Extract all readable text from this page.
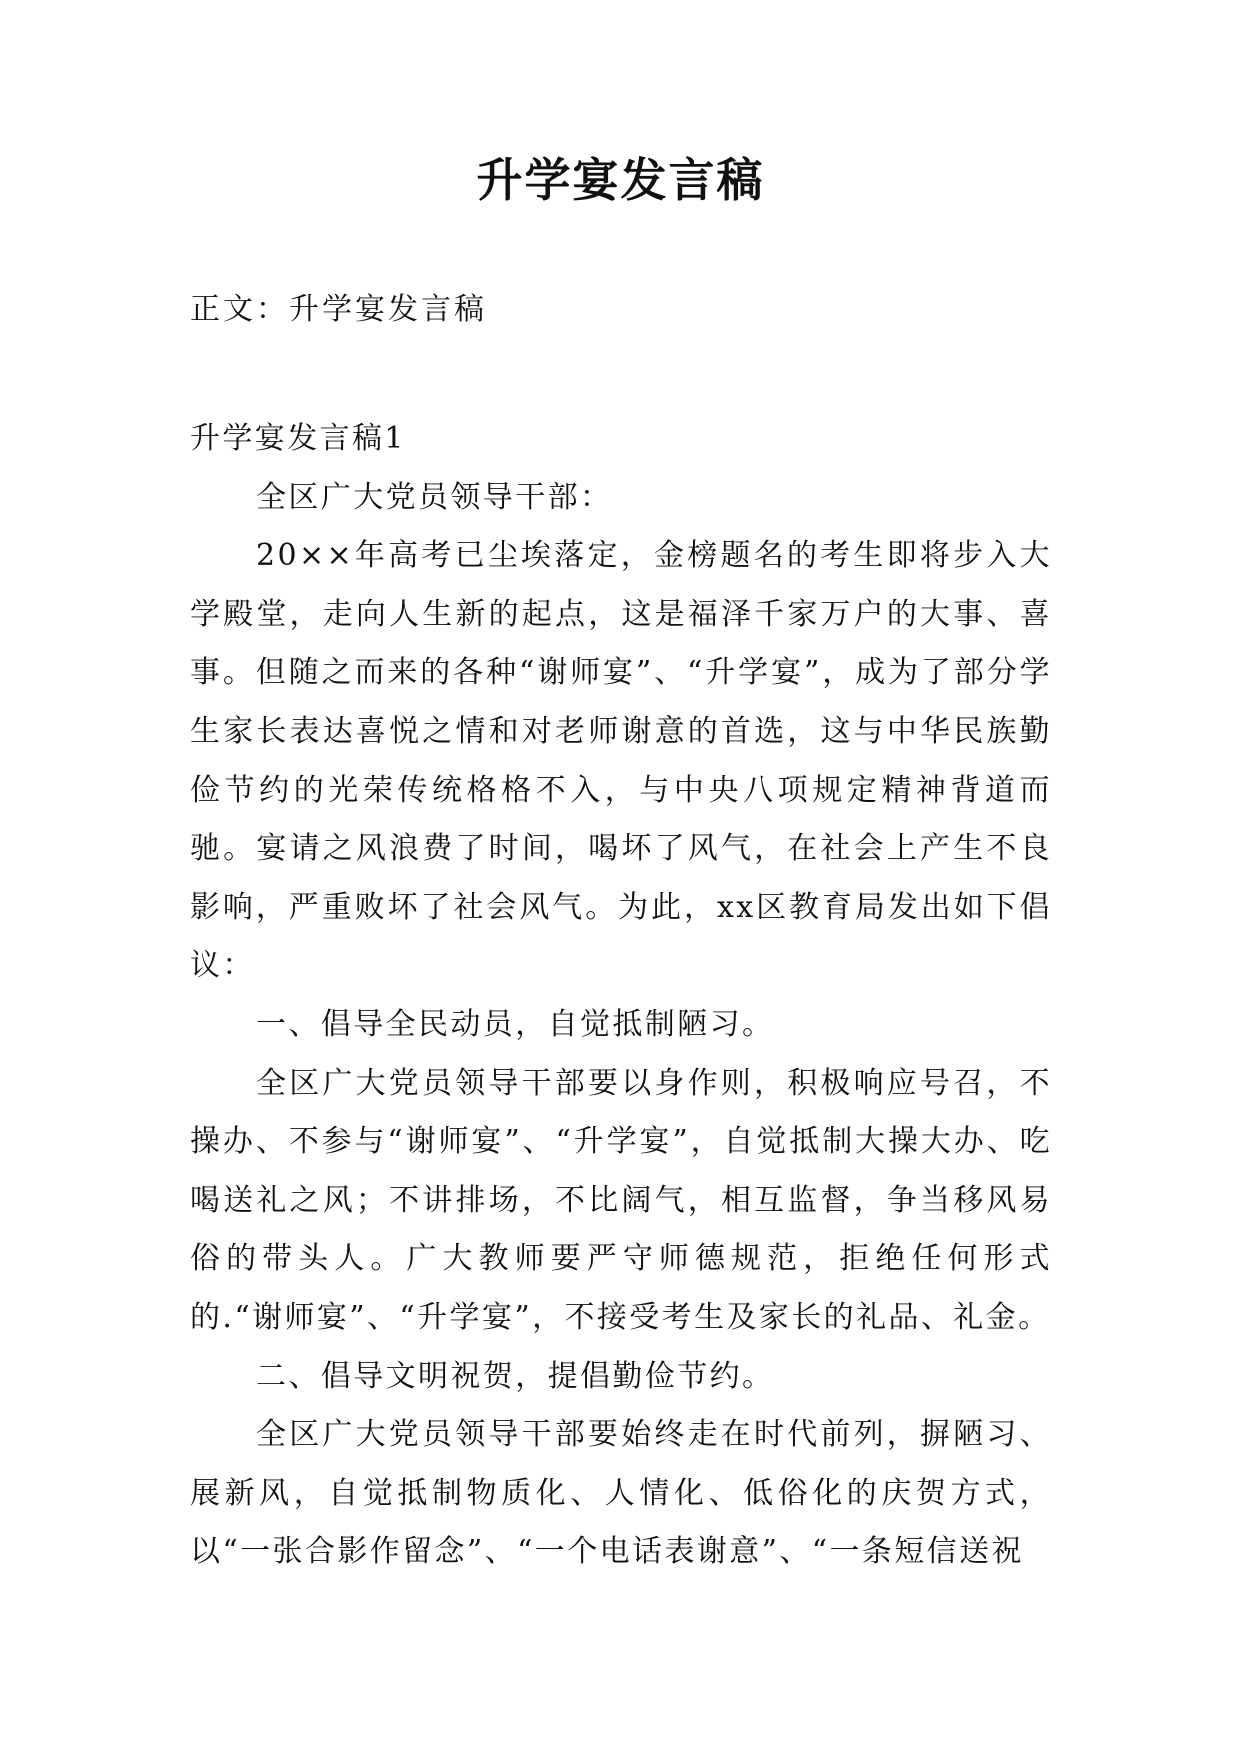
升学宴发言稿
正文：升学宴发言稿

升学宴发言稿1

全区广大党员领导干部：

20××年高考已尘埃落定，金榜题名的考生即将步入大学殿堂，走向人生新的起点，这是福泽千家万户的大事、喜事。但随之而来的各种“谢师宴”、“升学宴”，成为了部分学生家长表达喜悦之情和对老师谢意的首选，这与中华民族勤俭节约的光荣传统格格不入，与中央八项规定精神背道而驰。宴请之风浪费了时间，喝坏了风气，在社会上产生不良影响，严重败坏了社会风气。为此，xx区教育局发出如下倡议：

一、倡导全民动员，自觉抵制陋习。

全区广大党员领导干部要以身作则，积极响应号召，不操办、不参与“谢师宴”、“升学宴”，自觉抵制大操大办、吃喝送礼之风；不讲排场，不比阔气，相互监督，争当移风易俗的带头人。广大教师要严守师德规范，拒绝任何形式的.“谢师宴”、“升学宴”，不接受考生及家长的礼品、礼金。

二、倡导文明祝贺，提倡勤俭节约。

全区广大党员领导干部要始终走在时代前列，摒陋习、展新风，自觉抵制物质化、人情化、低俗化的庆贺方式，以“一张合影作留念”、“一个电话表谢意”、“一条短信送祝
